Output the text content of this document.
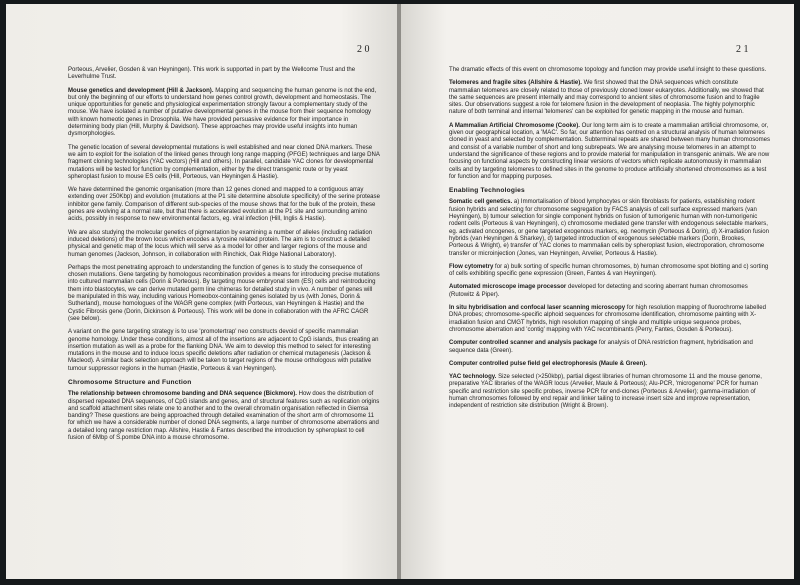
2 0

Porteous, Arvelier, Gosden & van Heyningen). This work is supported in part by the Wellcome Trust and the Leverhulme Trust.

Mouse genetics and development (Hill & Jackson). Mapping and sequencing the human genome is not the end, but only the beginning of our efforts to understand how genes control growth, development and homeostasis. The unique opportunities for genetic and physiological experimentation strongly favour a complementary study of the mouse. We have isolated a number of putative developmental genes in the mouse from their sequence homology with known homeotic genes in Drosophila. We have provided persuasive evidence for their importance in determining body plan (Hill, Murphy & Davidson). These approaches may provide useful insights into human dysmorphologies.

The genetic location of several developmental mutations is well established and near cloned DNA markers. These we aim to exploit for the isolation of the linked genes through long range mapping (PFGE) techniques and large DNA fragment cloning technologies (YAC vectors) (Hill and others). In parallel, candidate YAC clones for developmental mutations will be tested for function by complementation, either by the direct transgenic route or by yeast spheroplast fusion to mouse ES cells (Hill, Porteous, van Heyningen & Hastie).

We have determined the genomic organisation (more than 12 genes cloned and mapped to a contiguous array extending over 250Kbp) and evolution (mutations at the P1 site determine absolute specificity) of the serine protease inhibitor gene family. Comparison of different sub-species of the mouse shows that for the bulk of the protein, these genes are evolving at a normal rate, but that there is accelerated evolution at the P1 site and surrounding amino acids, possibly in response to new environmental factors, eg. viral infection (Hill, Inglis & Hastie).

We are also studying the molecular genetics of pigmentation by examining a number of alleles (including radiation induced deletions) of the brown locus which encodes a tyrosine related protein. The aim is to construct a detailed physical and genetic map of the locus which will serve as a model for other and larger regions of the mouse and human genomes (Jackson, Johnson, in collaboration with Rinchick, Oak Ridge National Laboratory).

Perhaps the most penetrating approach to understanding the function of genes is to study the consequence of chosen mutations. Gene targeting by homologous recombination provides a means for introducing precise mutations into cultured mammalian cells (Dorin & Porteous). By targeting mouse embryonal stem (ES) cells and reintroducing them into blastocytes, we can derive mutated germ line chimeras for detailed study in vivo. A number of genes will be manipulated in this way, including various Homeobox-containing genes isolated by us (with Jones, Dorin & Sutherland), mouse homologues of the WAGR gene complex (with Porteous, van Heyningen & Hastie) and the Cystic Fibrosis gene (Dorin, Dickinson & Porteous). This work will be done in collaboration with the AFRC CAGR (see below).

A variant on the gene targeting strategy is to use 'promotertrap' neo constructs devoid of specific mammalian genome homology. Under these conditions, almost all of the insertions are adjacent to CpG islands, thus creating an insertion mutation as well as a probe for the flanking DNA. We aim to develop this method to select for interesting mutations in the mouse and to induce locus specific deletions after radiation or chemical mutagenesis (Jackson & Macleod). A similar back selection approach will be taken to target regions of the mouse orthologous with putative tumour suppressor regions in the human (Hastie, Porteous & van Heyningen).

Chromosome Structure and Function

The relationship between chromosome banding and DNA sequence (Bickmore). How does the distribution of dispersed repeated DNA sequences, of CpG islands and genes, and of structural features such as replication origins and scaffold attachment sites relate one to another and to the overall chromatin organisation reflected in Giemsa banding? These questions are being approached through detailed examination of the short arm of chromosome 11 for which we have a considerable number of cloned DNA segments, a large number of chromosome aberrations and a detailed long range restriction map. Allshire, Hastie & Fantes described the introduction by spheroplast to cell fusion of 6Mbp of S.pombe DNA into a mouse chromosome.

2 1

The dramatic effects of this event on chromosome topology and function may provide useful insight to these questions.

Telomeres and fragile sites (Allshire & Hastie). We first showed that the DNA sequences which constitute mammalian telomeres are closely related to those of previously cloned lower eukaryotes. Additionally, we showed that the same sequences are present internally and may correspond to ancient sites of chromosome fusion and to fragile sites. Our observations suggest a role for telomere fusion in the development of neoplasia. The highly polymorphic nature of both terminal and internal 'telomeres' can be exploited for genetic mapping in the mouse and human.

A Mammalian Artificial Chromosome (Cooke). Our long term aim is to create a mammalian artificial chromosome, or, given our geographical location, a 'MAC'. So far, our attention has centred on a structural analysis of human telomeres cloned in yeast and selected by complementation. Subterminal repeats are shared between many human chromosomes and consist of a variable number of short and long subrepeats. We are analysing mouse telomeres in an attempt to understand the significance of these regions and to provide material for manipulation in transgenic animals. We are now focusing on functional aspects by constructing linear versions of vectors which replicate autonomously in mammalian cells and by targeting telomeres to defined sites in the genome to produce artificially shortened chromosomes as a test for function and for mapping purposes.

Enabling Technologies

Somatic cell genetics. a) Immortalisation of blood lymphocytes or skin fibroblasts for patients, establishing rodent fusion hybrids and selecting for chromosome segregation by FACS analysis of cell surface expressed markers (van Heyningen), b) tumour selection for single component hybrids on fusion of tumorigenic human with non-tumorigenic rodent cells (Porteous & van Heyningen), c) chromosome mediated gene transfer with endogenous selectable markers, eg. activated oncogenes, or gene targeted exogenous markers, eg. neomycin (Porteous & Dorin), d) X-irradiation fusion hybrids (van Heyningen & Sharkey), d) targeted introduction of exogenous selectable markers (Dorin, Brookes, Porteous & Wright), e) transfer of YAC clones to mammalian cells by spheroplast fusion, electroporation, chromosome transfer or microinjection (Jones, van Heyningen, Arvelier, Porteous & Hastie).

Flow cytometry for a) bulk sorting of specific human chromosomes, b) human chromosome spot blotting and c) sorting of cells exhibiting specific gene expression (Green, Fantes & van Heyningen).

Automated microscope image processor developed for detecting and scoring aberrant human chromosomes (Rutowitz & Piper).

In situ hybridisation and confocal laser scanning microscopy for high resolution mapping of fluorochrome labelled DNA probes; chromosome-specific alphoid sequences for chromosome identification, chromosome painting with X-irradiation fusion and CMGT hybrids, high resolution mapping of single and multiple unique sequence probes, chromosome aberration and 'contig' mapping with YAC recombinants (Perry, Fantes, Gosden & Porteous).

Computer controlled scanner and analysis package for analysis of DNA restriction fragment, hybridisation and sequence data (Green).

Computer controlled pulse field gel electrophoresis (Maule & Green).

YAC technology. Size selected (>250kbp), partial digest libraries of human chromosome 11 and the mouse genome, preparative YAC libraries of the WAGR locus (Arvelier, Maule & Porteous); Alu-PCR, 'microgenome' PCR for human specific and restriction site specific probes, inverse PCR for end-clones (Porteous & Arvelier); gamma-irradiation of human chromosomes followed by end repair and linker tailing to increase insert size and improve representation, independent of restriction site distribution (Wright & Brown).
